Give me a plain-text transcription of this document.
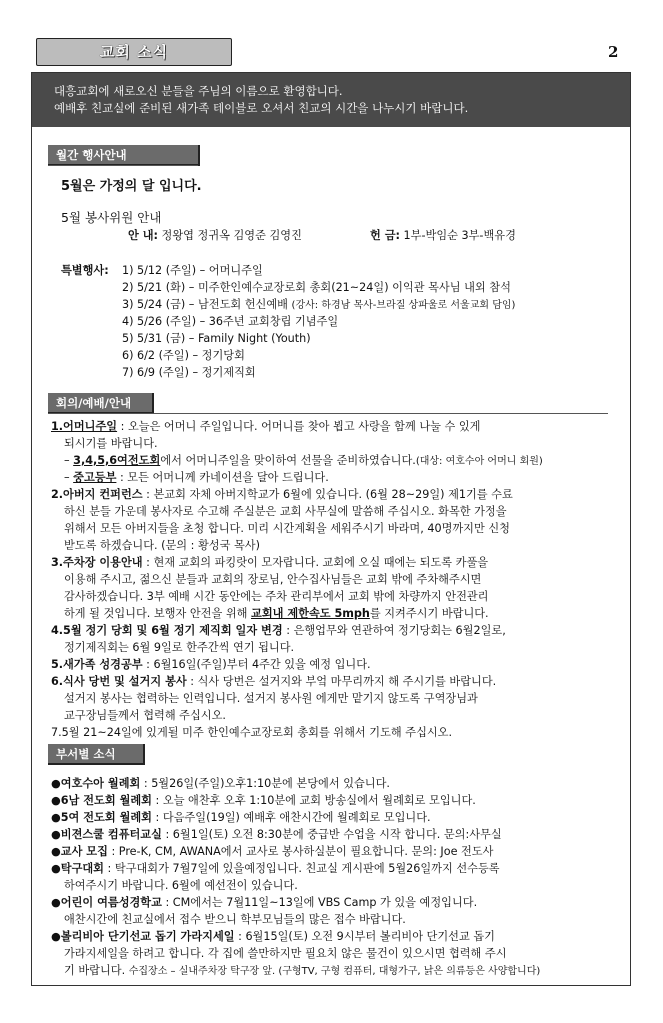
교회 소식	2
대흥교회에 새로오신 분들을 주님의 이름으로 환영합니다.
예배후 친교실에 준비된 새가족 테이블로 오셔서 친교의 시간을 나누시기 바랍니다.
월간 행사안내
5월은 가정의 달 입니다.
5월 봉사위원 안내
안 내: 정왕엽 정귀옥 김영준 김영진	헌 금: 1부-박임순 3부-백유경
특별행사: 1) 5/12 (주일) – 어머니주일
2) 5/21 (화) – 미주한인예수교장로회 총회(21~24일) 이익관 목사님 내외 참석
3) 5/24 (금) – 남전도회 헌신예배 (강사: 하경남 목사-브라질 상파울로 서울교회 담임)
4) 5/26 (주일) – 36주년 교회창립 기념주일
5) 5/31 (금) – Family Night (Youth)
6) 6/2 (주일) – 정기당회
7) 6/9 (주일) – 정기제직회
회의/예배/안내
1.어머니주일 : 오늘은 어머니 주일입니다. 어머니를 찾아 뵙고 사랑을 함께 나눌 수 있게
되시기를 바랍니다.
– 3,4,5,6여전도회에서 어머니주일을 맞이하여 선물을 준비하였습니다.(대상: 여호수아 어머니 회원)
– 중고등부 : 모든 어머니께 카네이션을 달아 드립니다.
2.아버지 컨퍼런스 : 본교회 자체 아버지학교가 6월에 있습니다. (6월 28~29일) 제1기를 수료
하신 분들 가운데 봉사자로 수고해 주실분은 교회 사무실에 말씀해 주십시오. 화목한 가정을
위해서 모든 아버지들을 초청 합니다. 미리 시간계획을 세워주시기 바라며, 40명까지만 신청
받도록 하겠습니다. (문의 : 황성국 목사)
3.주차장 이용안내 : 현재 교회의 파킹랏이 모자랍니다. 교회에 오실 때에는 되도록 카풀을
이용해 주시고, 젊으신 분들과 교회의 장로님, 안수집사님들은 교회 밖에 주차해주시면
감사하겠습니다. 3부 예배 시간 동안에는 주차 관리부에서 교회 밖에 차량까지 안전관리
하게 될 것입니다. 보행자 안전을 위해 교회내 제한속도 5mph를 지켜주시기 바랍니다.
4.5월 정기 당회 및 6월 정기 제직회 일자 변경 : 은행업무와 연관하여 정기당회는 6월2일로,
정기제직회는 6월 9일로 한주간씩 연기 됩니다.
5.새가족 성경공부 : 6월16일(주일)부터 4주간 있을 예정 입니다.
6.식사 당번 및 설거지 봉사 : 식사 당번은 설거지와 부엌 마무리까지 해 주시기를 바랍니다.
설거지 봉사는 협력하는 인력입니다. 설거지 봉사원 에게만 맡기지 않도록 구역장님과
교구장님들께서 협력해 주십시오.
7.5월 21~24일에 있게될 미주 한인예수교장로회 총회를 위해서 기도해 주십시오.
부서별 소식
●여호수아 월례회 : 5월26일(주일)오후1:10분에 본당에서 있습니다.
●6남 전도회 월례회 : 오늘 애찬후 오후 1:10분에 교회 방송실에서 월례회로 모입니다.
●5여 전도회 월례회 : 다음주일(19일) 예배후 애찬시간에 월례회로 모입니다.
●비젼스쿨 컴퓨터교실 : 6월1일(토) 오전 8:30분에 중급반 수업을 시작 합니다. 문의:사무실
●교사 모집 : Pre-K, CM, AWANA에서 교사로 봉사하실분이 필요합니다. 문의: Joe 전도사
●탁구대회 : 탁구대회가 7월7일에 있을예정입니다. 친교실 게시판에 5월26일까지 선수등록
하여주시기 바랍니다. 6월에 예선전이 있습니다.
●어린이 여름성경학교 : CM에서는 7월11일~13일에 VBS Camp 가 있을 예정입니다.
애찬시간에 친교실에서 접수 받으니 학부모님들의 많은 접수 바랍니다.
●볼리비아 단기선교 돕기 가라지세일 : 6월15일(토) 오전 9시부터 볼리비아 단기선교 돕기
가라지세일을 하려고 합니다. 각 집에 쓸만하지만 필요치 않은 물건이 있으시면 협력해 주시
기 바랍니다. 수집장소 – 실내주차장 탁구장 앞. (구형TV, 구형 컴퓨터, 대형가구, 낡은 의류등은 사양합니다)
